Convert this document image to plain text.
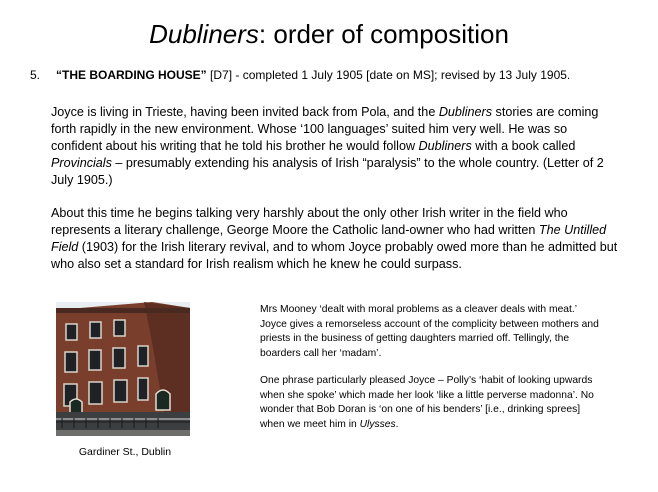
Dubliners: order of composition
5. “THE BOARDING HOUSE” [D7] - completed 1 July 1905 [date on MS]; revised by 13 July 1905.

Joyce is living in Trieste, having been invited back from Pola, and the Dubliners stories are coming forth rapidly in the new environment. Whose ‘100 languages’ suited him very well. He was so confident about his writing that he told his brother he would follow Dubliners with a book called Provincials – presumably extending his analysis of Irish “paralysis” to the whole country. (Letter of 2 July 1905.)

About this time he begins talking very harshly about the only other Irish writer in the field who represents a literary challenge, George Moore the Catholic land-owner who had written The Untilled Field (1903) for the Irish literary revival, and to whom Joyce probably owed more than he admitted but who also set a standard for Irish realism which he knew he could surpass.

Gardiner St., Dublin

Mrs Mooney ‘dealt with moral problems as a cleaver deals with meat.’ Joyce gives a remorseless account of the complicity between mothers and priests in the business of getting daughters married off. Tellingly, the boarders call her ‘madam’.

One phrase particularly pleased Joyce – Polly’s ‘habit of looking upwards when she spoke’ which made her look ‘like a little perverse madonna’. No wonder that Bob Doran is ‘on one of his benders’ [i.e., drinking sprees] when we meet him in Ulysses.
